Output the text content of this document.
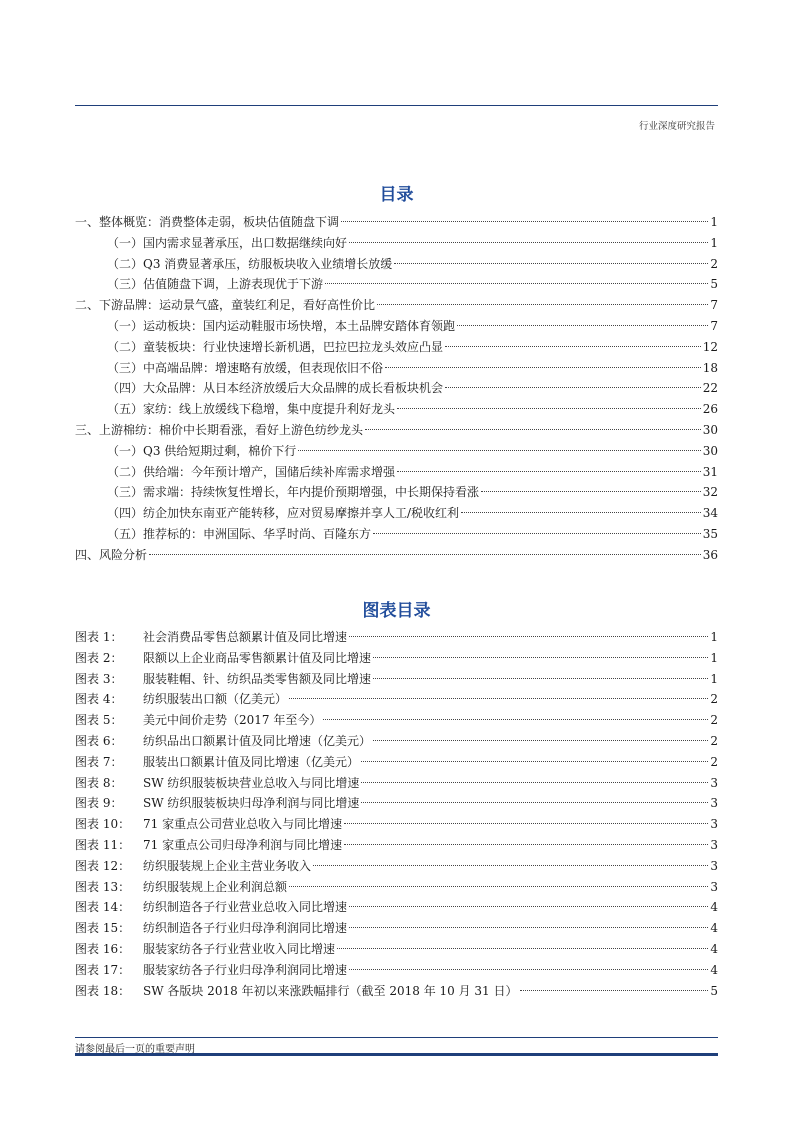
行业深度研究报告
目录
一、整体概览：消费整体走弱，板块估值随盘下调	1
（一）国内需求显著承压，出口数据继续向好	1
（二）Q3 消费显著承压，纺服板块收入业绩增长放缓	2
（三）估值随盘下调，上游表现优于下游	5
二、下游品牌：运动景气盛，童装红利足，看好高性价比	7
（一）运动板块：国内运动鞋服市场快增，本土品牌安踏体育领跑	7
（二）童装板块：行业快速增长新机遇，巴拉巴拉龙头效应凸显	12
（三）中高端品牌：增速略有放缓，但表现依旧不俗	18
（四）大众品牌：从日本经济放缓后大众品牌的成长看板块机会	22
（五）家纺：线上放缓线下稳增，集中度提升利好龙头	26
三、上游棉纺：棉价中长期看涨，看好上游色纺纱龙头	30
（一）Q3 供给短期过剩，棉价下行	30
（二）供给端：今年预计增产，国储后续补库需求增强	31
（三）需求端：持续恢复性增长，年内提价预期增强，中长期保持看涨	32
（四）纺企加快东南亚产能转移，应对贸易摩擦并享人工/税收红利	34
（五）推荐标的：申洲国际、华孚时尚、百隆东方	35
四、风险分析	36
图表目录
图表 1：	社会消费品零售总额累计值及同比增速	1
图表 2：	限额以上企业商品零售额累计值及同比增速	1
图表 3：	服装鞋帽、针、纺织品类零售额及同比增速	1
图表 4：	纺织服装出口额（亿美元）	2
图表 5：	美元中间价走势（2017 年至今）	2
图表 6：	纺织品出口额累计值及同比增速（亿美元）	2
图表 7：	服装出口额累计值及同比增速（亿美元）	2
图表 8：	SW 纺织服装板块营业总收入与同比增速	3
图表 9：	SW 纺织服装板块归母净利润与同比增速	3
图表 10：	71 家重点公司营业总收入与同比增速	3
图表 11：	71 家重点公司归母净利润与同比增速	3
图表 12：	纺织服装规上企业主营业务收入	3
图表 13：	纺织服装规上企业利润总额	3
图表 14：	纺织制造各子行业营业总收入同比增速	4
图表 15：	纺织制造各子行业归母净利润同比增速	4
图表 16：	服装家纺各子行业营业收入同比增速	4
图表 17：	服装家纺各子行业归母净利润同比增速	4
图表 18：	SW 各版块 2018 年初以来涨跌幅排行（截至 2018 年 10 月 31 日）	5
请参阅最后一页的重要声明
